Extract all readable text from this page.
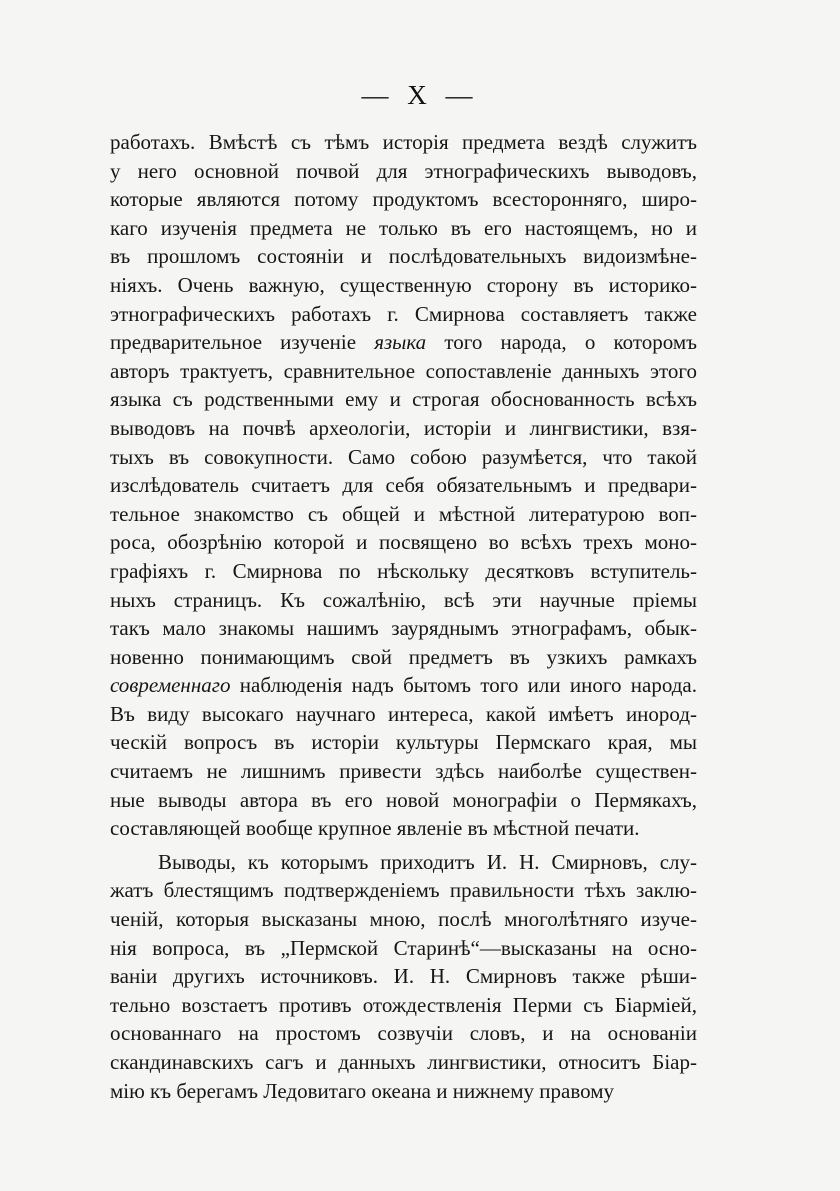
— X —
работахъ. Вмѣстѣ съ тѣмъ исторія предмета вездѣ служитъ
у него основной почвой для этнографическихъ выводовъ,
которые являются потому продуктомъ всесторонняго, широ-
каго изученія предмета не только въ его настоящемъ, но и
въ прошломъ состояніи и послѣдовательныхъ видоизмѣне-
ніяхъ. Очень важную, существенную сторону въ историко-
этнографическихъ работахъ г. Смирнова составляетъ также
предварительное изученіе языка того народа, о которомъ
авторъ трактуетъ, сравнительное сопоставленіе данныхъ этого
языка съ родственными ему и строгая обоснованность всѣхъ
выводовъ на почвѣ археологіи, исторіи и лингвистики, взя-
тыхъ въ совокупности. Само собою разумѣется, что такой
изслѣдователь считаетъ для себя обязательнымъ и предвари-
тельное знакомство съ общей и мѣстной литературою воп-
роса, обозрѣнію которой и посвящено во всѣхъ трехъ моно-
графіяхъ г. Смирнова по нѣскольку десятковъ вступитель-
ныхъ страницъ. Къ сожалѣнію, всѣ эти научные пріемы
такъ мало знакомы нашимъ зауряднымъ этнографамъ, обык-
новенно понимающимъ свой предметъ въ узкихъ рамкахъ
современнаго наблюденія надъ бытомъ того или иного народа.
Въ виду высокаго научнаго интереса, какой имѣетъ инород-
ческій вопросъ въ исторіи культуры Пермскаго края, мы
считаемъ не лишнимъ привести здѣсь наиболѣе существен-
ные выводы автора въ его новой монографіи о Пермякахъ,
составляющей вообще крупное явленіе въ мѣстной печати.
Выводы, къ которымъ приходитъ И. Н. Смирновъ, слу-
жатъ блестящимъ подтвержденіемъ правильности тѣхъ заклю-
ченій, которыя высказаны мною, послѣ многолѣтняго изуче-
нія вопроса, въ „Пермской Старинѣ“—высказаны на осно-
ваніи другихъ источниковъ. И. Н. Смирновъ также рѣши-
тельно возстаетъ противъ отождествленія Перми съ Біарміей,
основаннаго на простомъ созвучіи словъ, и на основаніи
скандинавскихъ сагъ и данныхъ лингвистики, относитъ Біар-
мію къ берегамъ Ледовитаго океана и нижнему правому
